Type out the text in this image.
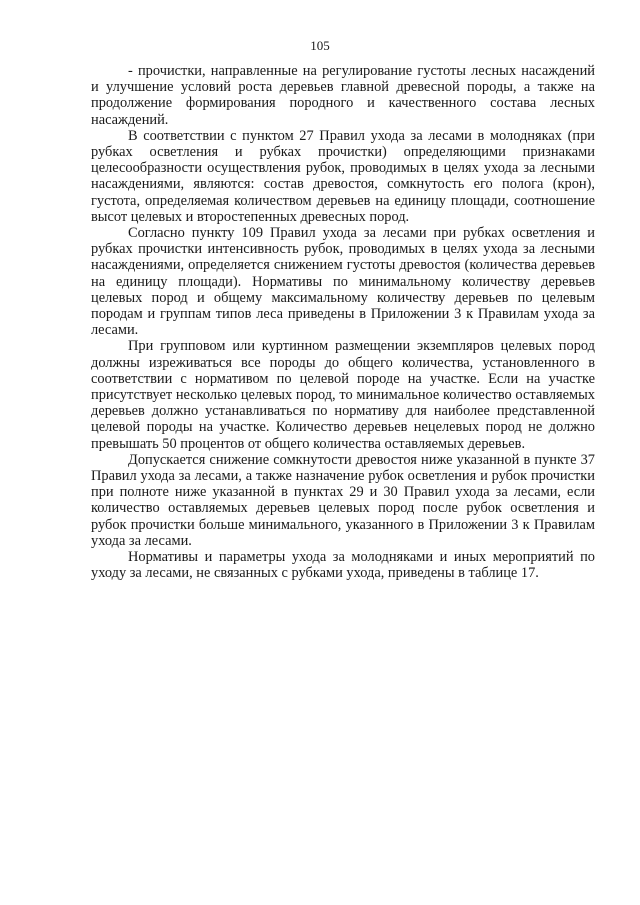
105

- прочистки, направленные на регулирование густоты лесных насаждений и улучшение условий роста деревьев главной древесной породы, а также на продолжение формирования породного и качественного состава лесных насаждений.

В соответствии с пунктом 27 Правил ухода за лесами в молодняках (при рубках осветления и рубках прочистки) определяющими признаками целесообразности осуществления рубок, проводимых в целях ухода за лесными насаждениями, являются: состав древостоя, сомкнутость его полога (крон), густота, определяемая количеством деревьев на единицу площади, соотношение высот целевых и второстепенных древесных пород.

Согласно пункту 109 Правил ухода за лесами при рубках осветления и рубках прочистки интенсивность рубок, проводимых в целях ухода за лесными насаждениями, определяется снижением густоты древостоя (количества деревьев на единицу площади). Нормативы по минимальному количеству деревьев целевых пород и общему максимальному количеству деревьев по целевым породам и группам типов леса приведены в Приложении 3 к Правилам ухода за лесами.

При групповом или куртинном размещении экземпляров целевых пород должны изреживаться все породы до общего количества, установленного в соответствии с нормативом по целевой породе на участке. Если на участке присутствует несколько целевых пород, то минимальное количество оставляемых деревьев должно устанавливаться по нормативу для наиболее представленной целевой породы на участке. Количество деревьев нецелевых пород не должно превышать 50 процентов от общего количества оставляемых деревьев.

Допускается снижение сомкнутости древостоя ниже указанной в пункте 37 Правил ухода за лесами, а также назначение рубок осветления и рубок прочистки при полноте ниже указанной в пунктах 29 и 30 Правил ухода за лесами, если количество оставляемых деревьев целевых пород после рубок осветления и рубок прочистки больше минимального, указанного в Приложении 3 к Правилам ухода за лесами.

Нормативы и параметры ухода за молодняками и иных мероприятий по уходу за лесами, не связанных с рубками ухода, приведены в таблице 17.
